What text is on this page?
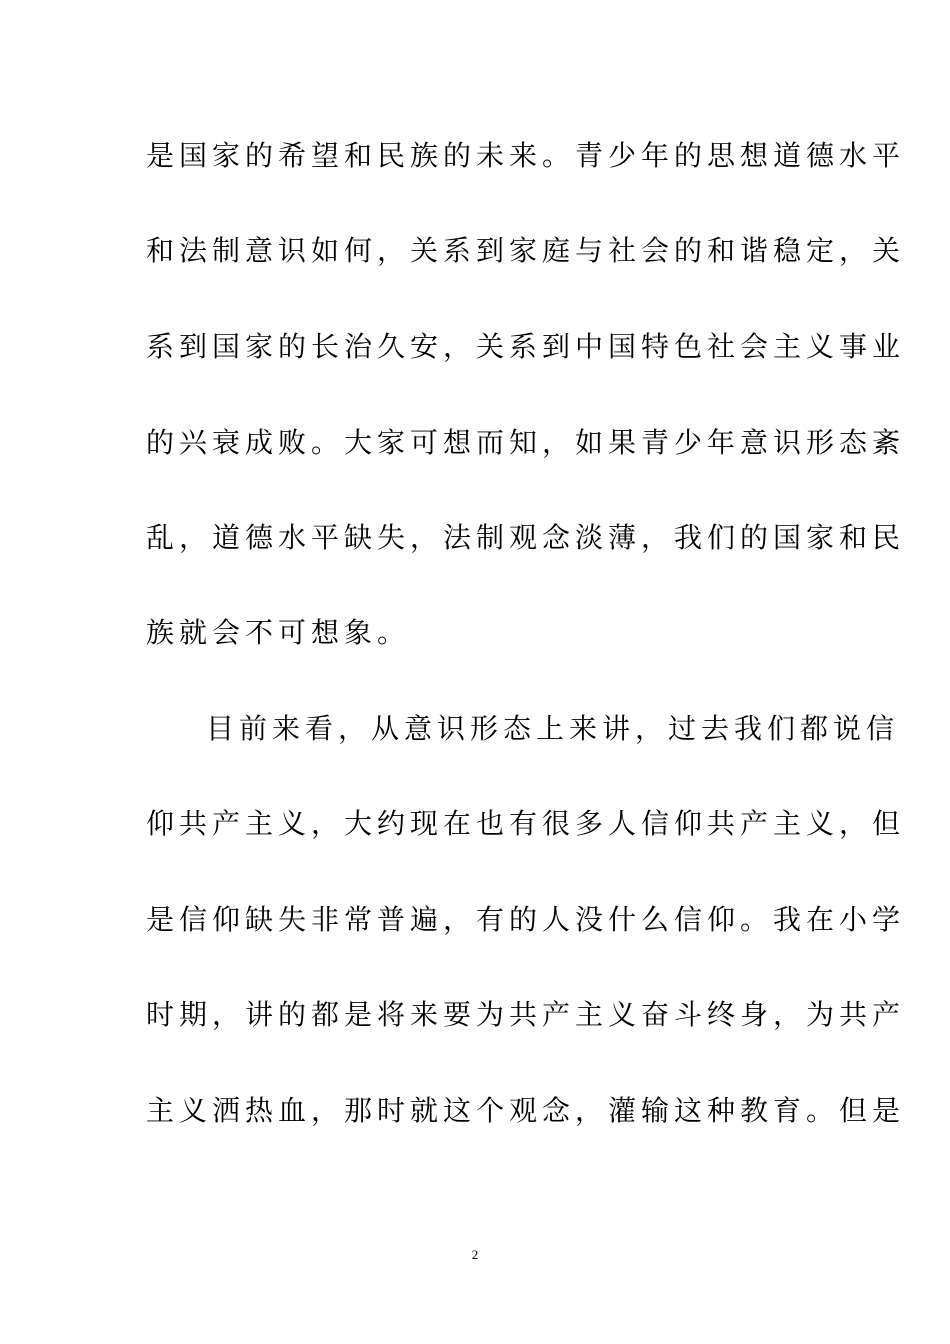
是国家的希望和民族的未来。青少年的思想道德水平
和法制意识如何，关系到家庭与社会的和谐稳定，关
系到国家的长治久安，关系到中国特色社会主义事业
的兴衰成败。大家可想而知，如果青少年意识形态紊
乱，道德水平缺失，法制观念淡薄，我们的国家和民
族就会不可想象。
目前来看，从意识形态上来讲，过去我们都说信
仰共产主义，大约现在也有很多人信仰共产主义，但
是信仰缺失非常普遍，有的人没什么信仰。我在小学
时期，讲的都是将来要为共产主义奋斗终身，为共产
主义洒热血，那时就这个观念，灌输这种教育。但是
2
